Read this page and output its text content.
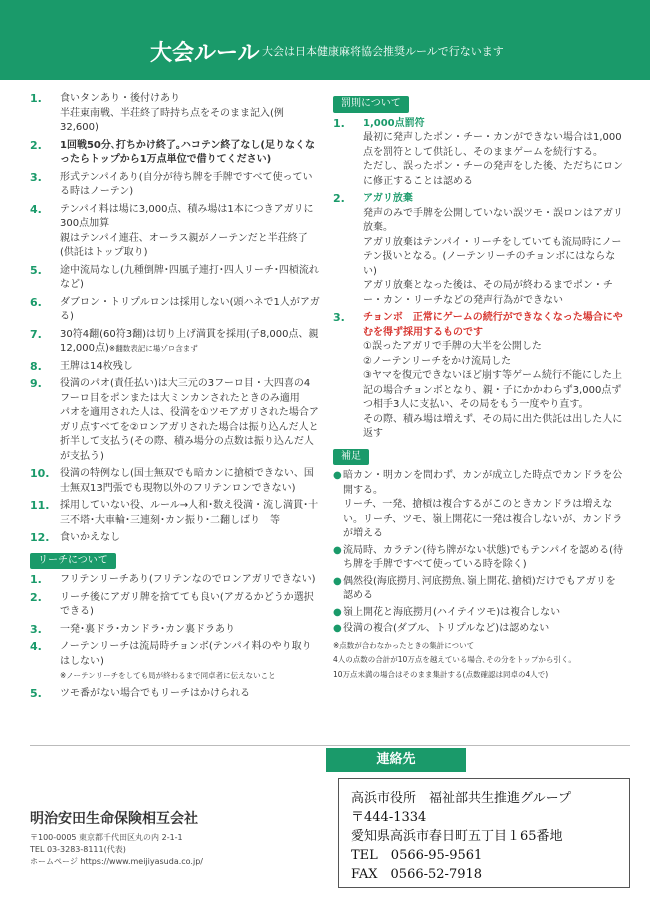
大会ルール 大会は日本健康麻将協会推奨ルールで行ないます
1.	食いタンあり・後付けあり
半荘東南戦、半荘終了時持ち点をそのまま記入(例32,600)
2.	1回戦50分､打ちかけ終了｡ハコテン終了なし(足りなくなったらトップから1万点単位で借りてください)
3.	形式テンパイあり(自分が待ち牌を手牌ですべて使っている時はノーテン)
4.	テンパイ料は場に3,000点、積み場は1本につきアガリに300点加算
親はテンパイ連荘、オーラス親がノーテンだと半荘終了(供託はトップ取り)
5.	途中流局なし(九種倒牌･四風子連打･四人リーチ･四槓流れなど)
6.	ダブロン・トリプルロンは採用しない(頭ハネで1人がアガる)
7.	30符4翻(60符3翻)は切り上げ満貫を採用(子8,000点、親12,000点)※翻数表記に場ゾロ含まず
8.	王牌は14枚残し
9.	役満のパオ(責任払い)は大三元の3フーロ目・大四喜の4フーロ目をポンまたは大ミンカンされたときのみ適用
パオを適用された人は、役満を①ツモアガリされた場合アガリ点すべてを②ロンアガリされた場合は振り込んだ人と折半して支払う(その際、積み場分の点数は振り込んだ人が支払う)
10.	役満の特例なし(国士無双でも暗カンに搶槓できない、国士無双13門張でも現物以外のフリテンロンできない)
11.	採用していない役、ルール→人和･数え役満・流し満貫･十三不塔･大車輪･三連刻･カン振り･二翻しばり　等
12.	食いかえなし
リーチについて
1.	フリテンリーチあり(フリテンなのでロンアガリできない)
2.	リーチ後にアガリ牌を捨てても良い(アガるかどうか選択できる)
3.	一発･裏ドラ･カンドラ･カン裏ドラあり
4.	ノーテンリーチは流局時チョンボ(テンパイ料のやり取りはしない)
※ノーテンリーチをしても局が終わるまで同卓者に伝えないこと
5.	ツモ番がない場合でもリーチはかけられる
罰則について
1.	1,000点罰符
最初に発声したポン・チー・カンができない場合は1,000点を罰符として供託し、そのままゲームを続行する。
ただし、誤ったポン・チーの発声をした後、ただちにロンに修正することは認める
2.	アガリ放棄
発声のみで手牌を公開していない誤ツモ・誤ロンはアガリ放棄。
アガリ放棄はテンパイ・リーチをしていても流局時にノーテン扱いとなる。(ノーテンリーチのチョンボにはならない)
アガリ放棄となった後は、その局が終わるまでポン・チー・カン・リーチなどの発声行為ができない
3.	チョンボ　正常にゲームの続行ができなくなった場合にやむを得ず採用するものです
①誤ったアガリで手牌の大半を公開した
②ノーテンリーチをかけ流局した
③ヤマを復元できないほど崩す等ゲーム続行不能にした上記の場合チョンボとなり、親・子にかかわらず3,000点ずつ相手3人に支払い、その局をもう一度やり直す。
その際、積み場は増えず、その局に出た供託は出した人に返す
補足
● 暗カン・明カンを問わず、カンが成立した時点でカンドラを公開する。
リーチ、一発、搶槓は複合するがこのときカンドラは増えない。リーチ、ツモ、嶺上開花に一発は複合しないが、カンドラが増える
● 流局時、カラテン(待ち牌がない状態)でもテンパイを認める(待ち牌を手牌ですべて使っている時を除く)
● 偶然役(海底撈月､河底撈魚､嶺上開花､搶槓)だけでもアガリを認める
● 嶺上開花と海底撈月(ハイテイツモ)は複合しない
● 役満の複合(ダブル、トリプルなど)は認めない
※点数が合わなかったときの集計について
4人の点数の合計が10万点を越えている場合､その分をトップから引く｡
10万点未満の場合はそのまま集計する(点数確認は同卓の4人で)
連絡先
高浜市役所　福祉部共生推進グループ
〒444-1334
愛知県高浜市春日町五丁目１65番地
TEL　0566-95-9561
FAX　0566-52-7918
明治安田生命保険相互会社
〒100-0005 東京都千代田区丸の内 2-1-1
TEL 03-3283-8111(代表)
ホームページ https://www.meijiyasuda.co.jp/
